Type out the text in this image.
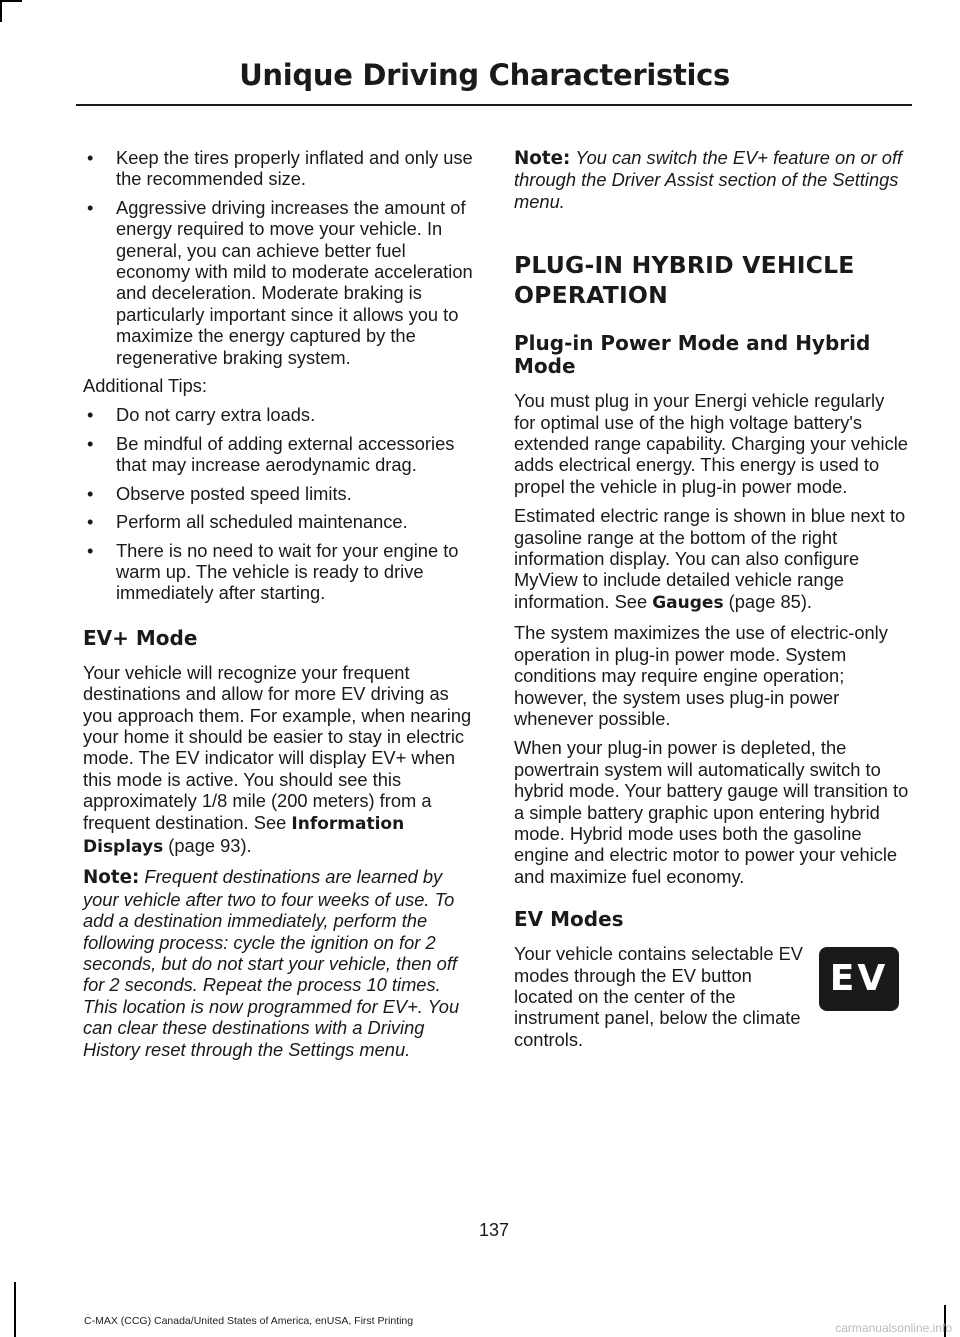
Unique Driving Characteristics
• Keep the tires properly inflated and only use the recommended size.
• Aggressive driving increases the amount of energy required to move your vehicle. In general, you can achieve better fuel economy with mild to moderate acceleration and deceleration. Moderate braking is particularly important since it allows you to maximize the energy captured by the regenerative braking system.

Additional Tips:

• Do not carry extra loads.
• Be mindful of adding external accessories that may increase aerodynamic drag.
• Observe posted speed limits.
• Perform all scheduled maintenance.
• There is no need to wait for your engine to warm up. The vehicle is ready to drive immediately after starting.
EV+ Mode

Your vehicle will recognize your frequent destinations and allow for more EV driving as you approach them. For example, when nearing your home it should be easier to stay in electric mode. The EV indicator will display EV+ when this mode is active. You should see this approximately 1/8 mile (200 meters) from a frequent destination. See Information Displays (page 93).

Note: Frequent destinations are learned by your vehicle after two to four weeks of use. To add a destination immediately, perform the following process: cycle the ignition on for 2 seconds, but do not start your vehicle, then off for 2 seconds. Repeat the process 10 times. This location is now programmed for EV+. You can clear these destinations with a Driving History reset through the Settings menu.

Note: You can switch the EV+ feature on or off through the Driver Assist section of the Settings menu.

PLUG-IN HYBRID VEHICLE OPERATION
Plug-in Power Mode and Hybrid Mode

You must plug in your Energi vehicle regularly for optimal use of the high voltage battery's extended range capability. Charging your vehicle adds electrical energy. This energy is used to propel the vehicle in plug-in power mode.

Estimated electric range is shown in blue next to gasoline range at the bottom of the right information display. You can also configure MyView to include detailed vehicle range information. See Gauges (page 85).

The system maximizes the use of electric-only operation in plug-in power mode. System conditions may require engine operation; however, the system uses plug-in power whenever possible.

When your plug-in power is depleted, the powertrain system will automatically switch to hybrid mode. Your battery gauge will transition to a simple battery graphic upon entering hybrid mode. Hybrid mode uses both the gasoline engine and electric motor to power your vehicle and maximize fuel economy.

EV Modes
EV

Your vehicle contains selectable EV modes through the EV button located on the center of the instrument panel, below the climate controls.

137
C-MAX (CCG) Canada/United States of America, enUSA, First Printing	carmanualsonline.info
